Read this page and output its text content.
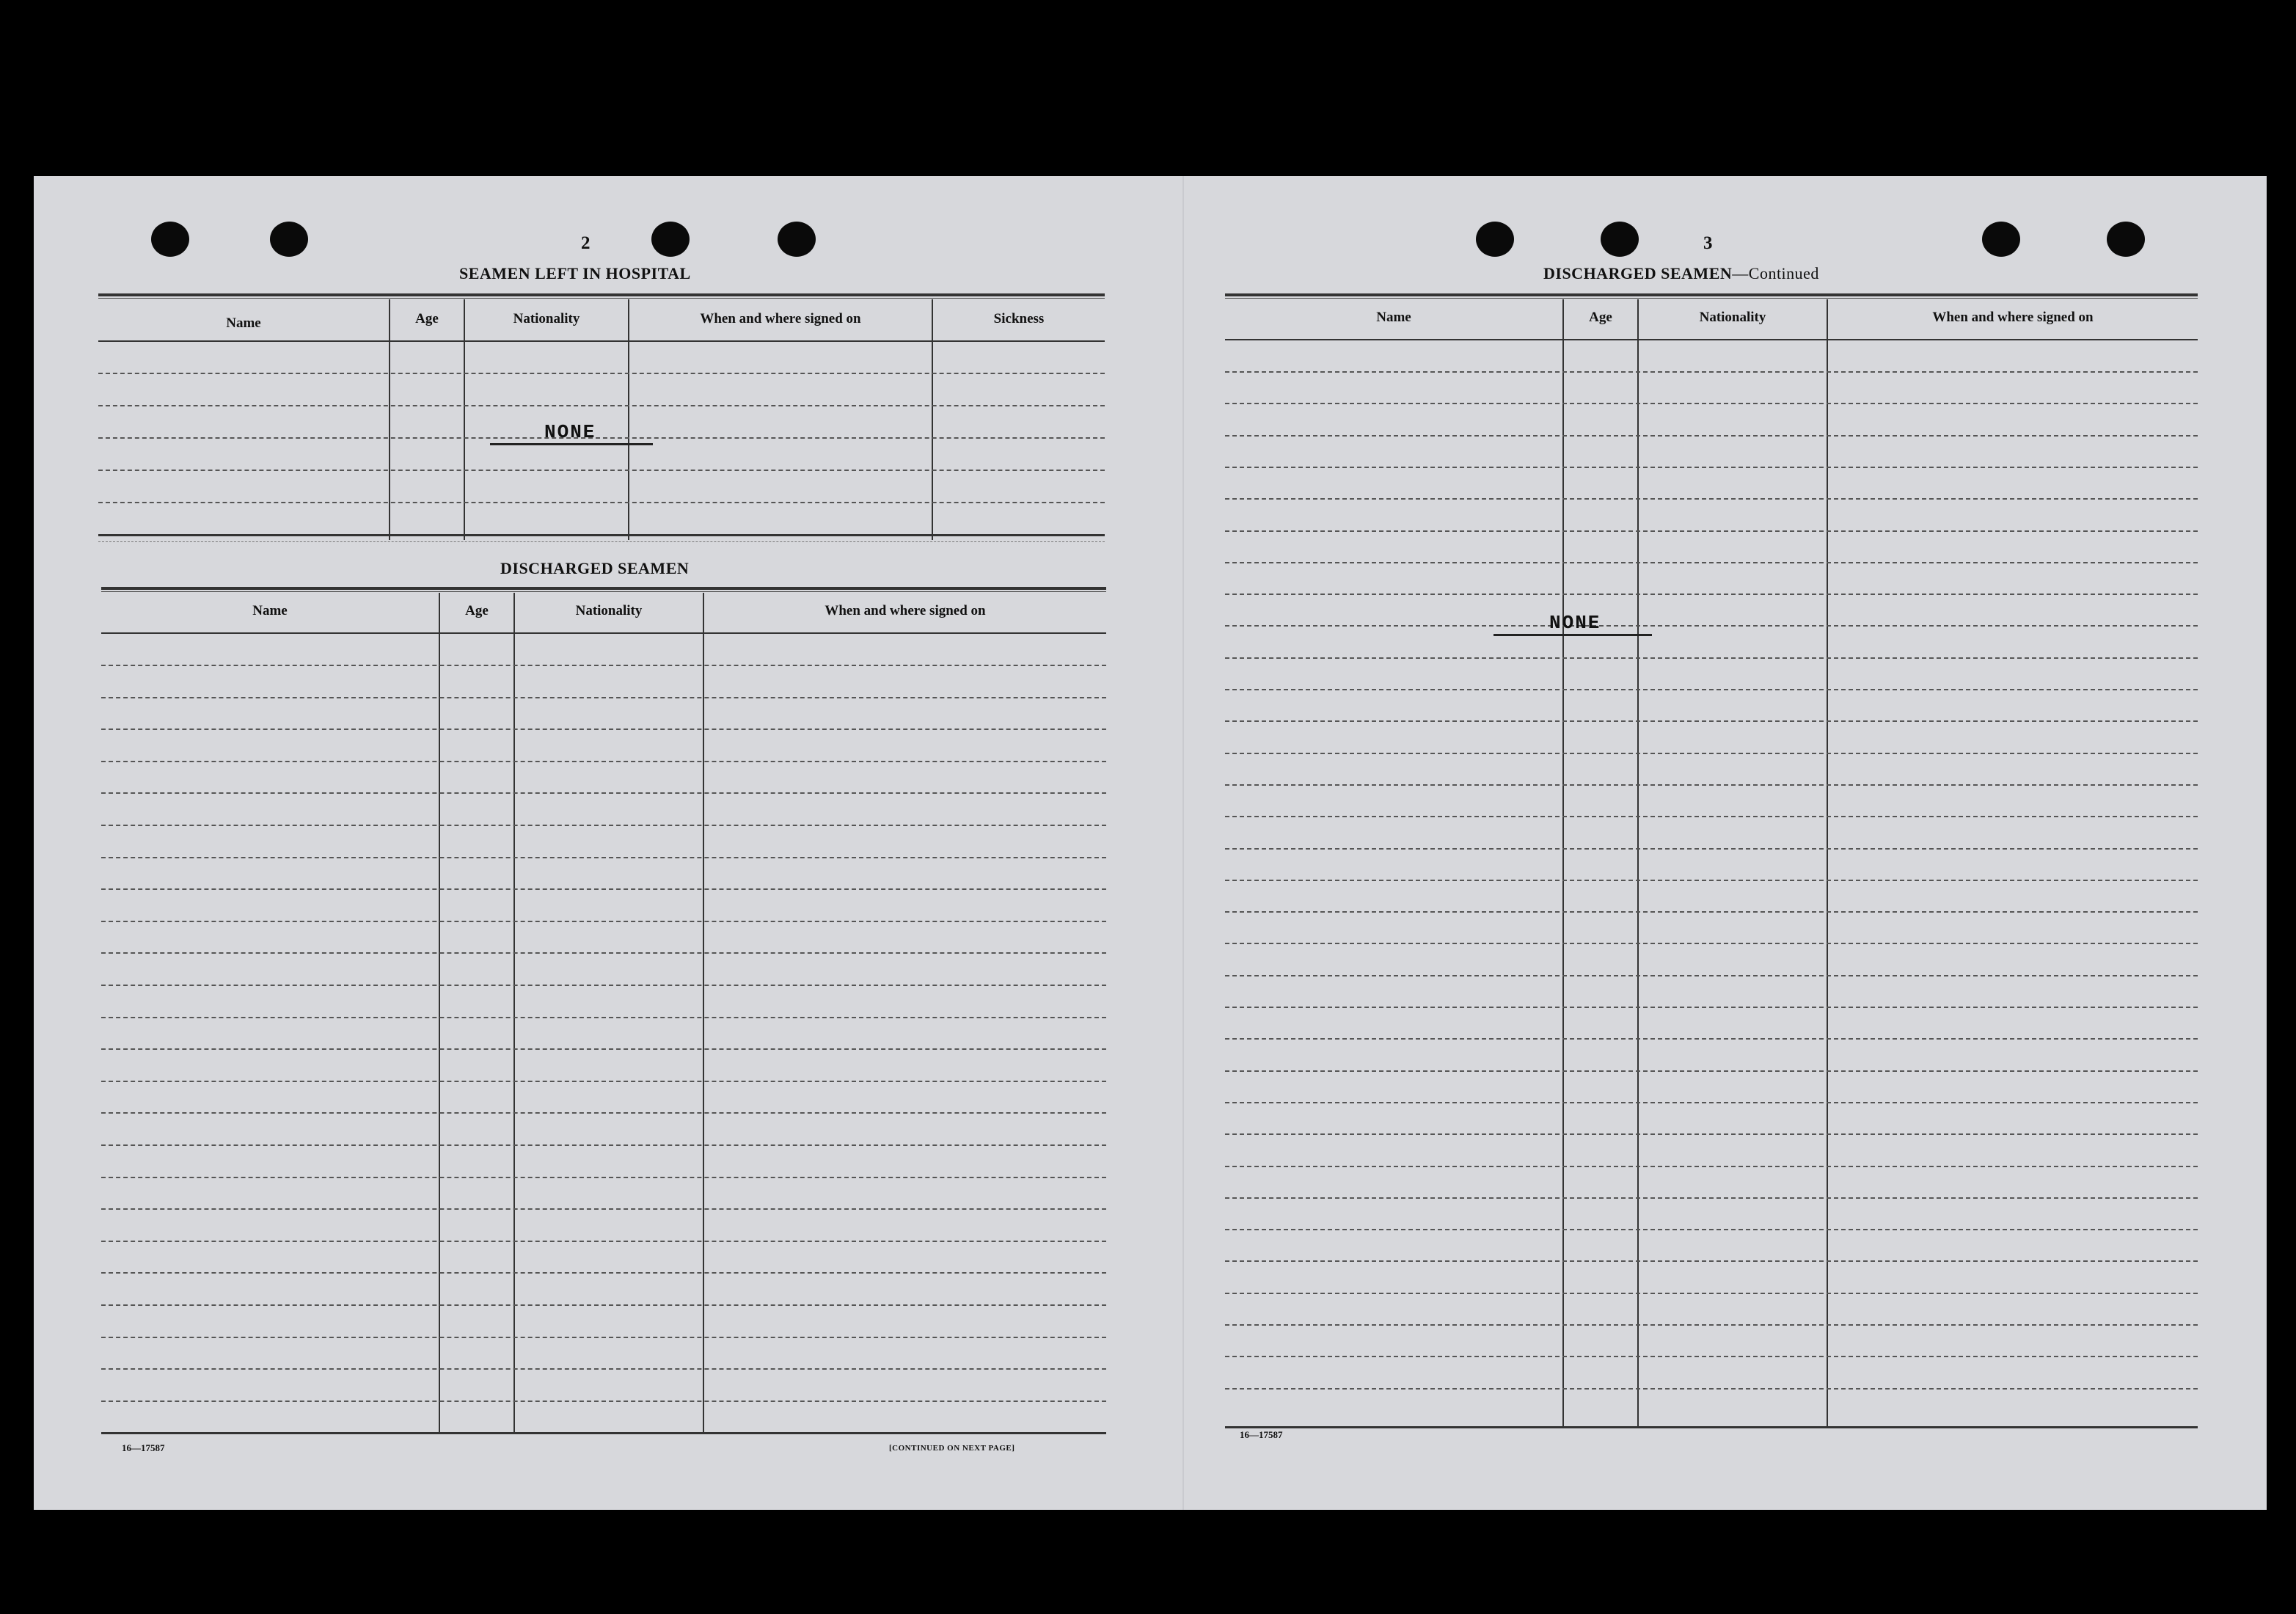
2
SEAMEN LEFT IN HOSPITAL
Name	Age	Nationality	When and where signed on	Sickness
NONE
DISCHARGED SEAMEN
Name	Age	Nationality	When and where signed on
16—17587	[CONTINUED ON NEXT PAGE]
3
DISCHARGED SEAMEN—Continued
Name	Age	Nationality	When and where signed on
NONE
16—17587
